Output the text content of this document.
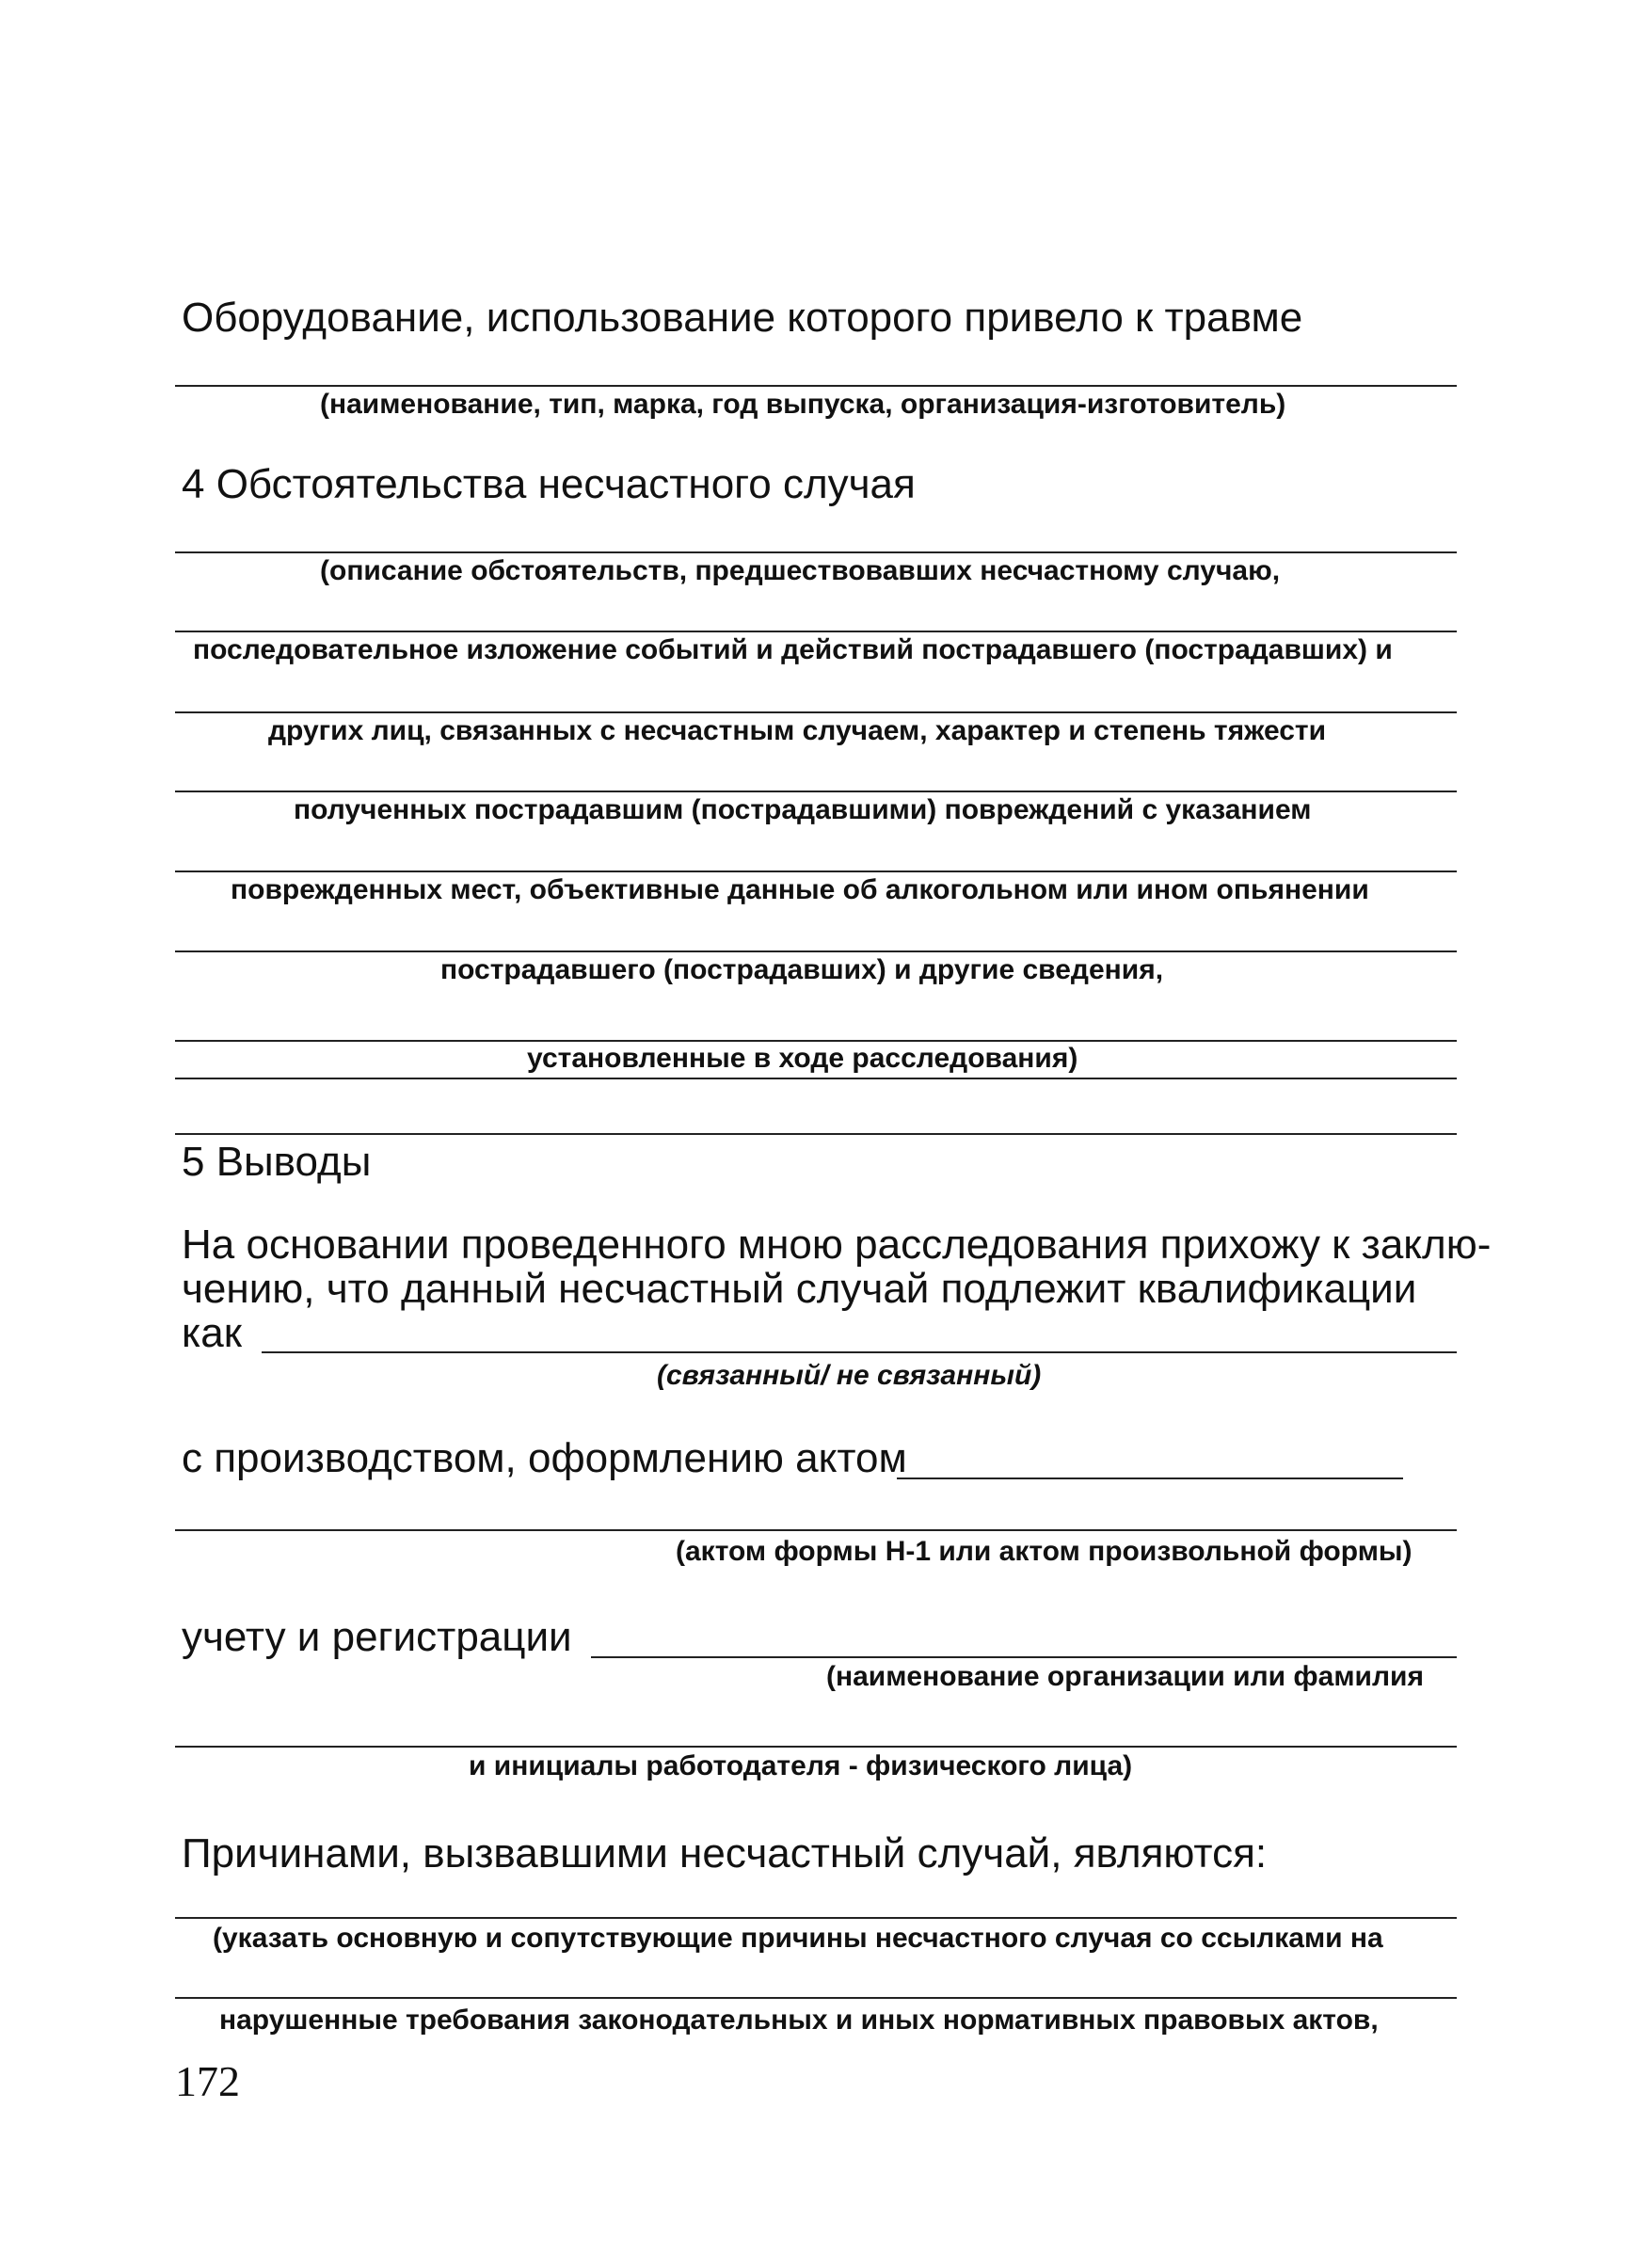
Оборудование, использование которого привело к травме
(наименование, тип, марка, год выпуска, организация-изготовитель)
4 Обстоятельства несчастного случая
(описание обстоятельств, предшествовавших несчастному случаю,
последовательное изложение событий и действий пострадавшего (пострадавших) и
других лиц, связанных с несчастным случаем, характер и степень тяжести
полученных пострадавшим (пострадавшими) повреждений с указанием
поврежденных мест, объективные данные об алкогольном или ином опьянении
пострадавшего (пострадавших) и другие сведения,
установленные в ходе расследования)
5 Выводы
На основании проведенного мною расследования прихожу к заклю-
чению, что данный несчастный случай подлежит квалификации
как
(связанный/ не связанный)
с производством, оформлению актом
(актом формы Н-1 или актом произвольной формы)
учету и регистрации
(наименование организации или фамилия
и инициалы работодателя - физического лица)
Причинами, вызвавшими несчастный случай, являются:
(указать основную и сопутствующие причины несчастного случая со ссылками на
нарушенные требования законодательных и иных нормативных правовых актов,
172
